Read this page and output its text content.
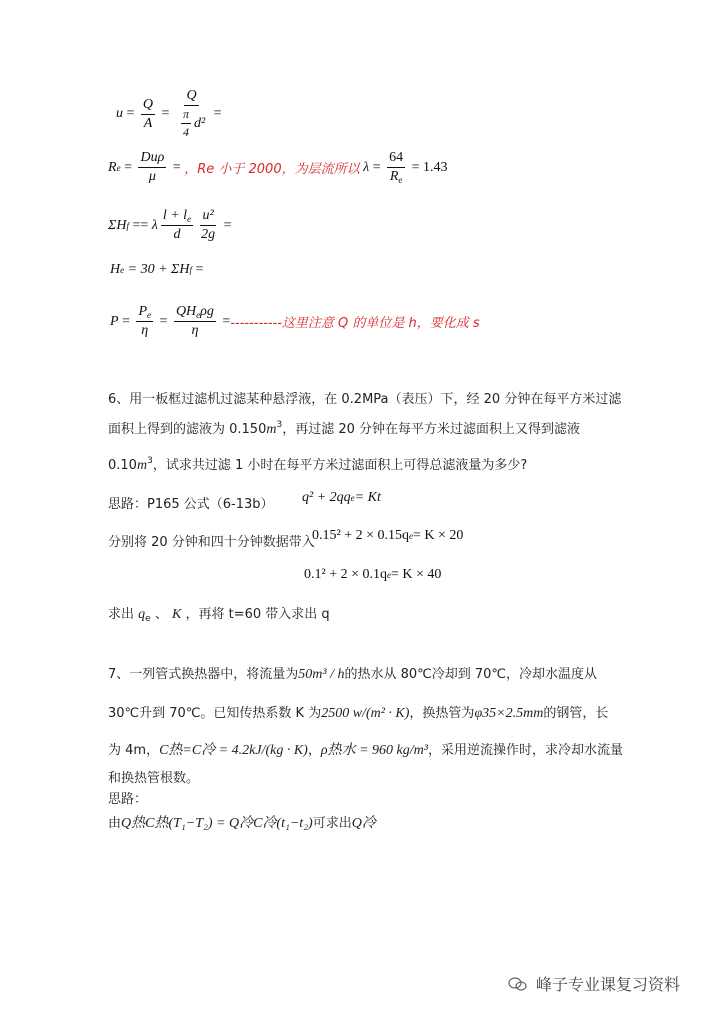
$u = \frac{Q}{A} = \frac{Q}{\frac{\pi}{4} d^2}$ =
R $e = \frac{\text{Duρ}}{\mu}$ = ，Re 小于 2000，为层流所以
$\lambda = \frac{64}{R_e} = 1.43$
ΣH f == λ $\frac{l + l_e}{d} \frac{\text{u²}}{2g}$ =
H e
= 30 + ΣH f
=
$P = \frac{P_e}{\eta} = \frac{QH_e\rho g}{\eta}$ = -----------这里注意 Q 的单位是 h，要化成 s
6、用一板框过滤机过滤某种悬浮液，在 0.2MPa（表压）下，经 20 分钟在每平方米过滤
面积上得到的滤液为 $0.150m^3$，再过滤 20 分钟在每平方米过滤面积上又得到滤液
$0.10m^3$，试求共过滤 1 小时在每平方米过滤面积上可得总滤液量为多少?
思路：P165 公式（6-13b） q² + 2qq e = Kt
分别将 20 分钟和四十分钟数据带入
0.15² + 2 × 0.15q e = K × 20
0.1² + 2 × 0.1q e = K × 40
求出 $q_e$ 、 K ，再将 t=60 带入求出 q
7、一列管式换热器中，将流量为50m³ / h的热水从 80℃冷却到 70℃，冷却水温度从
30℃升到 70℃。已知传热系数 K 为2500 w/(m² · K)，换热管为φ35×2.5mm的钢管，长
为 4m，C热=C冷 = 4.2kJ/(kg · K)，ρ热水 = 960 kg/m³，采用逆流操作时，求冷却水流量
和换热管根数。
思路：
由Q热C热(T₁−T₂) = Q冷C冷(t₁−t₂)可求出Q冷
峰子专业课复习资料
